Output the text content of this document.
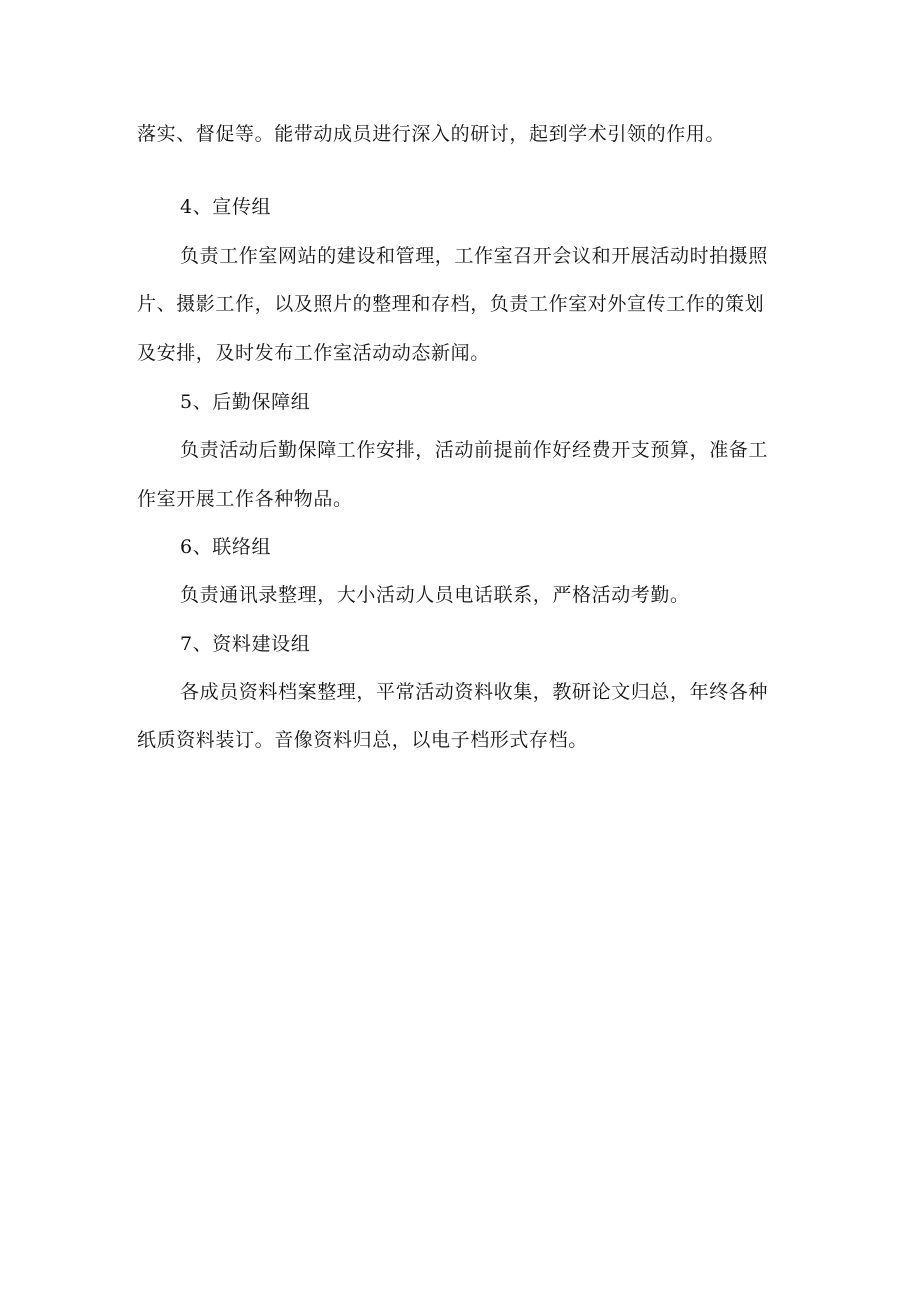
落实、督促等。能带动成员进行深入的研讨，起到学术引领的作用。
4、宣传组
负责工作室网站的建设和管理，工作室召开会议和开展活动时拍摄照
片、摄影工作，以及照片的整理和存档，负责工作室对外宣传工作的策划
及安排，及时发布工作室活动动态新闻。
5、后勤保障组
负责活动后勤保障工作安排，活动前提前作好经费开支预算，准备工
作室开展工作各种物品。
6、联络组
负责通讯录整理，大小活动人员电话联系，严格活动考勤。
7、资料建设组
各成员资料档案整理，平常活动资料收集，教研论文归总，年终各种
纸质资料装订。音像资料归总，以电子档形式存档。
